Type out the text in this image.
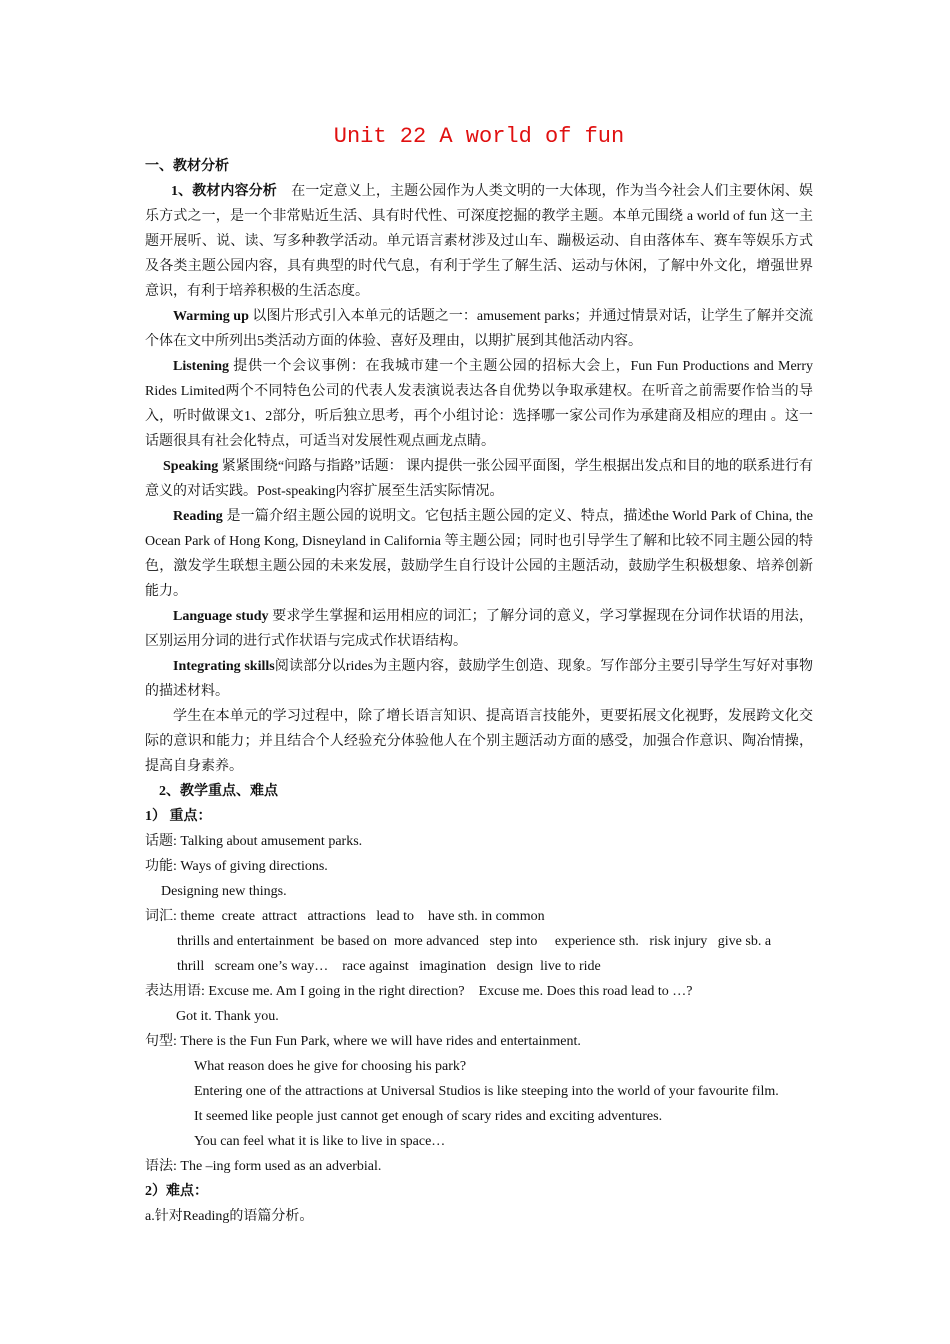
Unit 22 A world of fun
一、教材分析
1、教材内容分析 在一定意义上，主题公园作为人类文明的一大体现，作为当今社会人们主要休闲、娱乐方式之一，是一个非常贴近生活、具有时代性、可深度挖掘的教学主题。本单元围绕 a world of fun 这一主题开展听、说、读、写多种教学活动。单元语言素材涉及过山车、蹦极运动、自由落体车、赛车等娱乐方式及各类主题公园内容，具有典型的时代气息，有利于学生了解生活、运动与休闲，了解中外文化，增强世界意识，有利于培养积极的生活态度。
Warming up 以图片形式引入本单元的话题之一：amusement parks；并通过情景对话，让学生了解并交流个体在文中所列出5类活动方面的体验、喜好及理由，以期扩展到其他活动内容。
Listening 提供一个会议事例：在我城市建一个主题公园的招标大会上，Fun Fun Productions and Merry Rides Limited两个不同特色公司的代表人发表演说表达各自优势以争取承建权。在听音之前需要作恰当的导入，听时做课文1、2部分，听后独立思考，再个小组讨论：选择哪一家公司作为承建商及相应的理由 。这一话题很具有社会化特点，可适当对发展性观点画龙点睛。
Speaking 紧紧围绕“问路与指路”话题： 课内提供一张公园平面图，学生根据出发点和目的地的联系进行有意义的对话实践。Post-speaking内容扩展至生活实际情况。
Reading 是一篇介绍主题公园的说明文。它包括主题公园的定义、特点，描述the World Park of China, the Ocean Park of Hong Kong, Disneyland in California 等主题公园；同时也引导学生了解和比较不同主题公园的特色，激发学生联想主题公园的未来发展，鼓励学生自行设计公园的主题活动，鼓励学生积极想象、培养创新能力。
Language study 要求学生掌握和运用相应的词汇；了解分词的意义，学习掌握现在分词作状语的用法，区别运用分词的进行式作状语与完成式作状语结构。
Integrating skills阅读部分以rides为主题内容，鼓励学生创造、现象。写作部分主要引导学生写好对事物的描述材料。
学生在本单元的学习过程中，除了增长语言知识、提高语言技能外，更要拓展文化视野，发展跨文化交际的意识和能力；并且结合个人经验充分体验他人在个别主题活动方面的感受，加强合作意识、陶冶情操，提高自身素养。
2、教学重点、难点
1） 重点：
话题: Talking about amusement parks.
功能: Ways of giving directions.
Designing new things.
词汇: theme  create  attract   attractions   lead to    have sth. in common
thrills and entertainment  be based on  more advanced   step into     experience sth.   risk injury   give sb. a
thrill   scream one’s way…    race against   imagination   design  live to ride
表达用语: Excuse me. Am I going in the right direction?    Excuse me. Does this road lead to …?
Got it. Thank you.
句型: There is the Fun Fun Park, where we will have rides and entertainment.
What reason does he give for choosing his park?
Entering one of the attractions at Universal Studios is like steeping into the world of your favourite film.
It seemed like people just cannot get enough of scary rides and exciting adventures.
You can feel what it is like to live in space…
语法: The –ing form used as an adverbial.
2）难点：
a.针对Reading的语篇分析。
